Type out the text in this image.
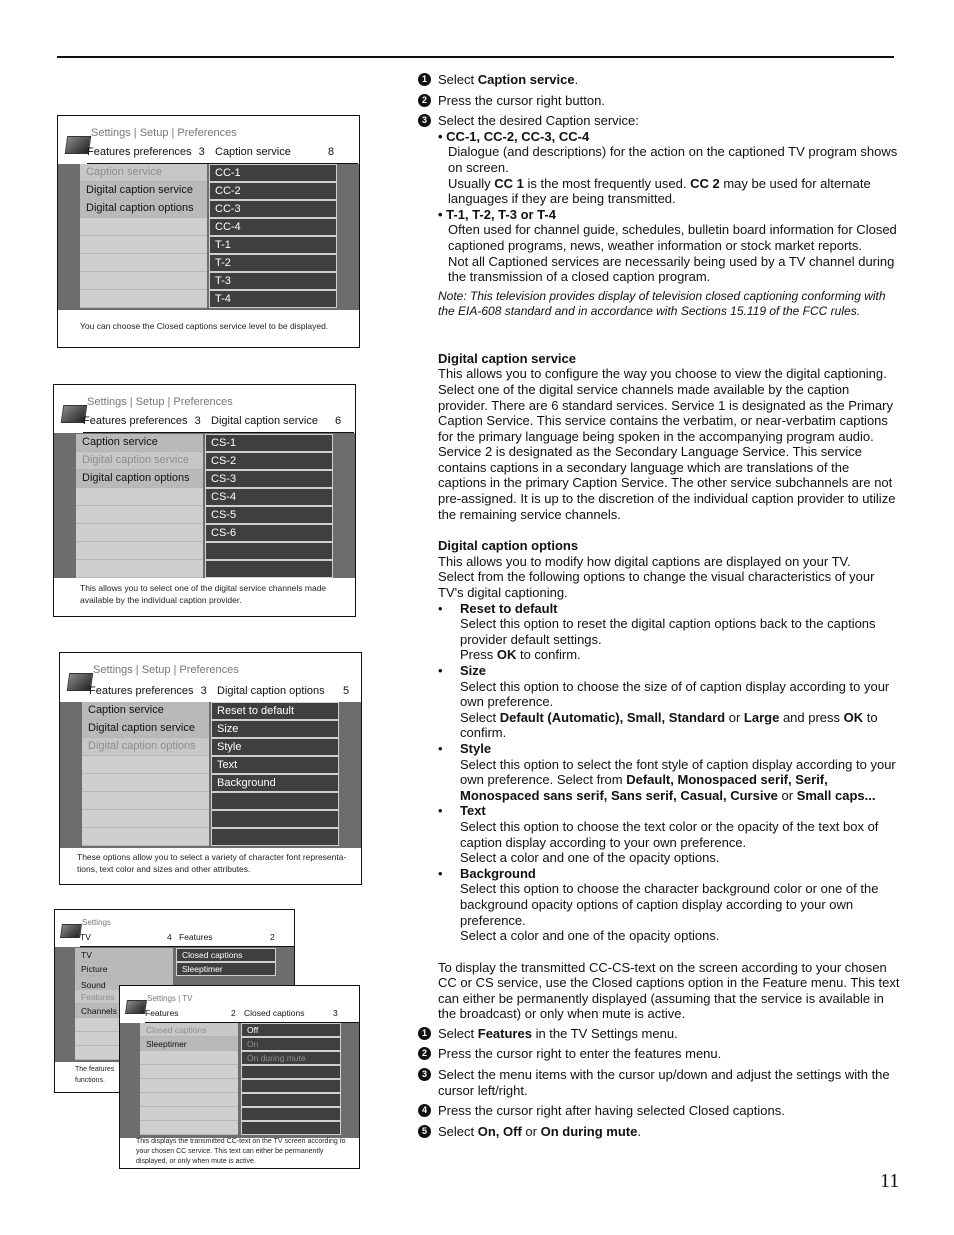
Settings | Setup | Preferences
Features preferences 3 Caption service	8
Caption service
Digital caption service
Digital caption options
CC-1
CC-2
CC-3
CC-4
T-1
T-2
T-3
T-4
You can choose the Closed captions service level to be displayed.
Settings | Setup | Preferences
Features preferences 3 Digital caption service 6
Caption service
Digital caption service
Digital caption options
CS-1
CS-2
CS-3
CS-4
CS-5
CS-6
This allows you to select one of the digital service channels made available by the individual caption provider.
Settings | Setup | Preferences
Features preferences 3 Digital caption options 5
Caption service
Digital caption service
Digital caption options
Reset to default
Size
Style
Text
Background
These options allow you to select a variety of character font representa- tions, text color and sizes and other attributes.
Settings
TV	4 Features	2
TV
Picture
Sound
Features
Channels
Closed captions
Sleeptimer
The features
functions.
Settings | TV
Features	2 Closed captions	3
Closed captions
Sleeptimer
Off
On
On during mute
This displays the transmitted CC-text on the TV screen according to your chosen CC service. This text can either be permanently displayed, or only when mute is active.
1 Select Caption service.
2 Press the cursor right button.
3 Select the desired Caption service:
• CC-1, CC-2, CC-3, CC-4
Dialogue (and descriptions) for the action on the captioned TV program shows on screen.
Usually CC 1 is the most frequently used. CC 2 may be used for alternate languages if they are being transmitted.
• T-1, T-2, T-3 or T-4
Often used for channel guide, schedules, bulletin board information for Closed captioned programs, news, weather information or stock market reports.
Not all Captioned services are necessarily being used by a TV channel during the transmission of a closed caption program.
Note: This television provides display of television closed captioning conforming with the EIA-608 standard and in accordance with Sections 15.119 of the FCC rules.
Digital caption service
This allows you to configure the way you choose to view the digital captioning. Select one of the digital service channels made available by the caption provider. There are 6 standard services. Service 1 is designated as the Primary Caption Service. This service contains the verbatim, or near-verbatim captions for the primary language being spoken in the accompanying program audio.
Service 2 is designated as the Secondary Language Service. This service contains captions in a secondary language which are translations of the captions in the primary Caption Service. The other service subchannels are not pre-assigned. It is up to the discretion of the individual caption provider to utilize the remaining service channels.
Digital caption options
This allows you to modify how digital captions are displayed on your TV.
Select from the following options to change the visual characteristics of your TV's digital captioning.
• Reset to default
Select this option to reset the digital caption options back to the captions provider default settings.
Press OK to confirm.
• Size
Select this option to choose the size of of caption display according to your own preference.
Select Default (Automatic), Small, Standard or Large and press OK to confirm.
• Style
Select this option to select the font style of caption display according to your own preference. Select from Default, Monospaced serif, Serif, Monospaced sans serif, Sans serif, Casual, Cursive or Small caps...
• Text
Select this option to choose the text color or the opacity of the text box of caption display according to your own preference.
Select a color and one of the opacity options.
• Background
Select this option to choose the character background color or one of the background opacity options of caption display according to your own preference.
Select a color and one of the opacity options.
To display the transmitted CC-CS-text on the screen according to your chosen CC or CS service, use the Closed captions option in the Feature menu. This text can either be permanently displayed (assuming that the service is available in the broadcast) or only when mute is active.
1 Select Features in the TV Settings menu.
2 Press the cursor right to enter the features menu.
3 Select the menu items with the cursor up/down and adjust the settings with the cursor left/right.
4 Press the cursor right after having selected Closed captions.
5 Select On, Off or On during mute.
11
